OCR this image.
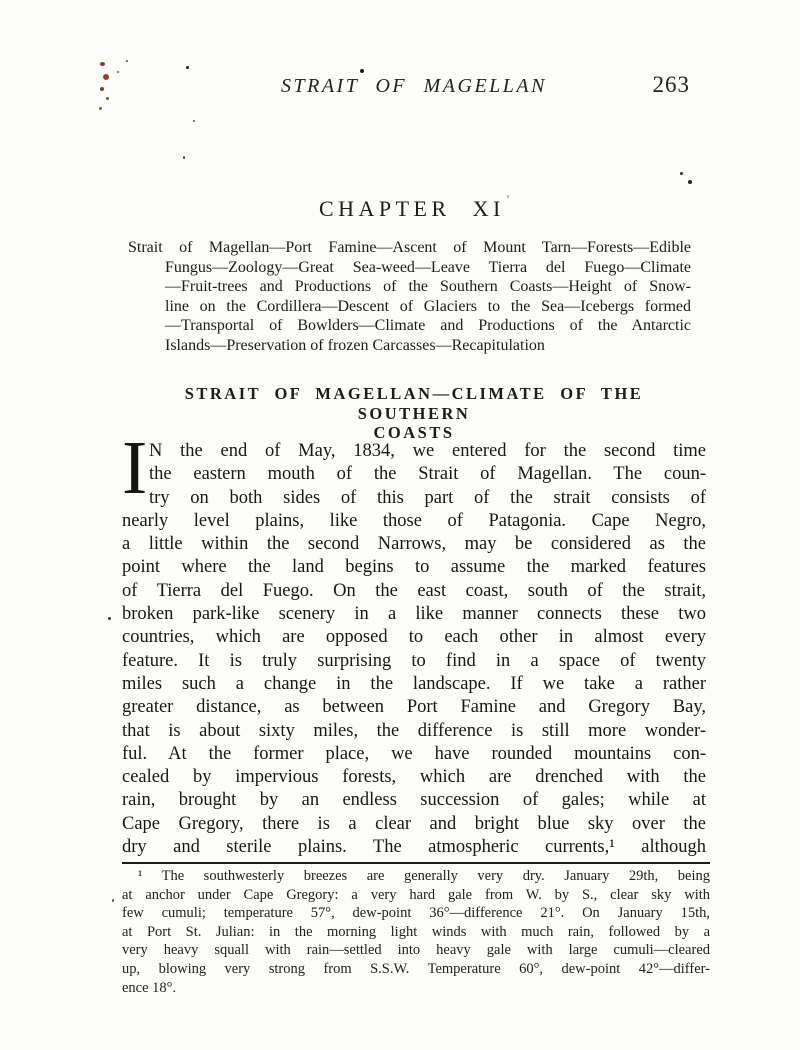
STRAIT OF MAGELLAN	263
CHAPTER XI '
Strait of Magellan—Port Famine—Ascent of Mount Tarn—Forests—Edible
Fungus—Zoology—Great Sea-weed—Leave Tierra del Fuego—Climate
—Fruit-trees and Productions of the Southern Coasts—Height of Snow-
line on the Cordillera—Descent of Glaciers to the Sea—Icebergs formed
—Transportal of Bowlders—Climate and Productions of the Antarctic
Islands—Preservation of frozen Carcasses—Recapitulation
STRAIT OF MAGELLAN—CLIMATE OF THE SOUTHERN
COASTS
I N the end of May, 1834, we entered for the second time
the eastern mouth of the Strait of Magellan. The coun-
try on both sides of this part of the strait consists of
nearly level plains, like those of Patagonia. Cape Negro,
a little within the second Narrows, may be considered as the
point where the land begins to assume the marked features
of Tierra del Fuego. On the east coast, south of the strait,
broken park-like scenery in a like manner connects these two
countries, which are opposed to each other in almost every
feature. It is truly surprising to find in a space of twenty
miles such a change in the landscape. If we take a rather
greater distance, as between Port Famine and Gregory Bay,
that is about sixty miles, the difference is still more wonder-
ful. At the former place, we have rounded mountains con-
cealed by impervious forests, which are drenched with the
rain, brought by an endless succession of gales; while at
Cape Gregory, there is a clear and bright blue sky over the
dry and sterile plains. The atmospheric currents,¹ although
¹ The southwesterly breezes are generally very dry. January 29th, being
at anchor under Cape Gregory: a very hard gale from W. by S., clear sky with
few cumuli; temperature 57°, dew-point 36°—difference 21°. On January 15th,
at Port St. Julian: in the morning light winds with much rain, followed by a
very heavy squall with rain—settled into heavy gale with large cumuli—cleared
up, blowing very strong from S.S.W. Temperature 60°, dew-point 42°—differ-
ence 18°.
